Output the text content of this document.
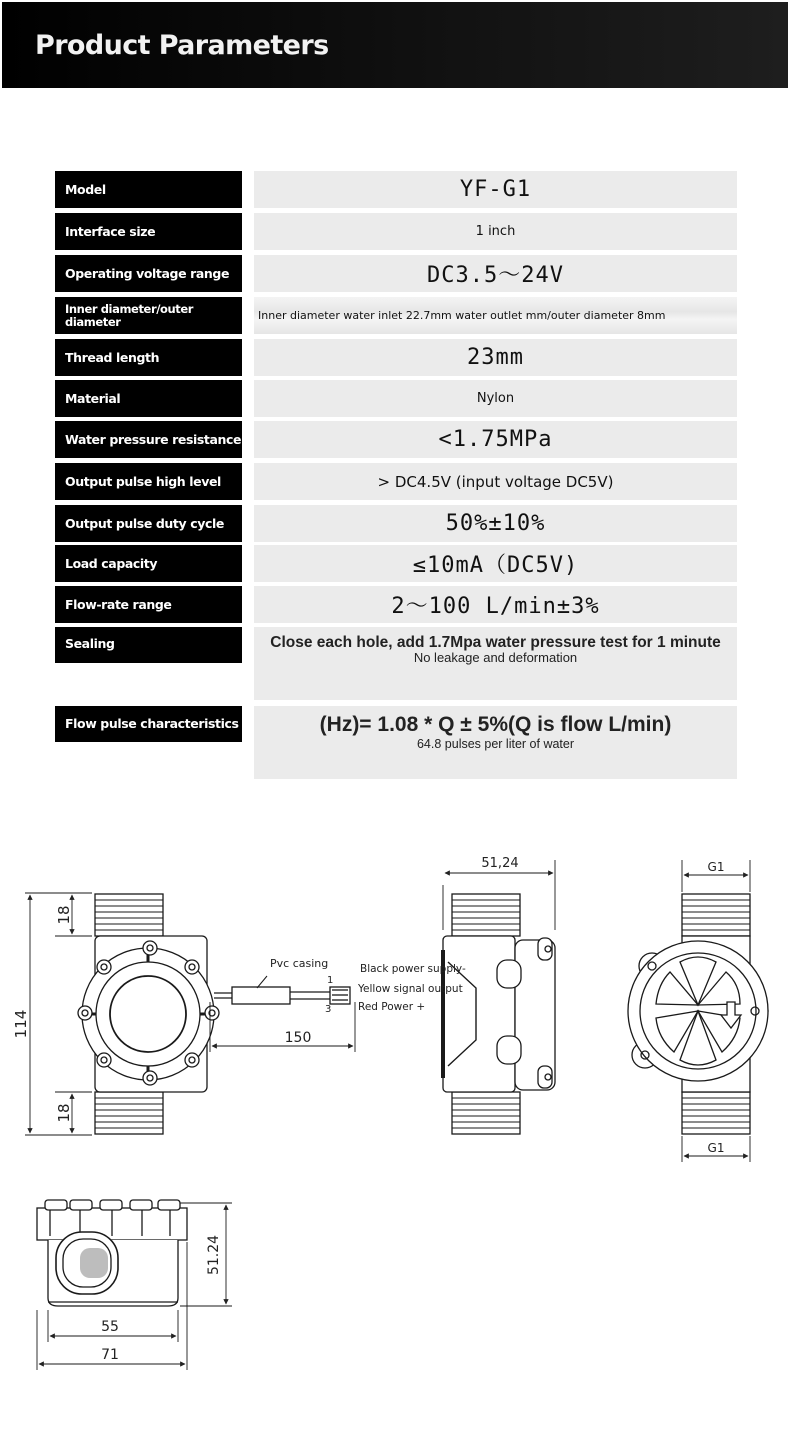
Product Parameters
Model	YF-G1
Interface size	1 inch
Operating voltage range	DC3.5～24V
Inner diameter/outer diameter	Inner diameter water inlet 22.7mm water outlet mm/outer diameter 8mm
Thread length	23mm
Material	Nylon
Water pressure resistance	<1.75MPa
Output pulse high level	> DC4.5V (input voltage DC5V)
Output pulse duty cycle	50%±10%
Load capacity	≤10mA（DC5V)
Flow-rate range	2～100 L/min±3%
Sealing	Close each hole, add 1.7Mpa water pressure test for 1 minute
No leakage and deformation
Flow pulse characteristics	(Hz)= 1.08 * Q ± 5%(Q is flow L/min)
64.8 pulses per liter of water
114
18
18
150
Pvc casing
1
3
Black power supply-
Yellow signal output
Red Power +
51,24	G1
G1
51.24
55
71
